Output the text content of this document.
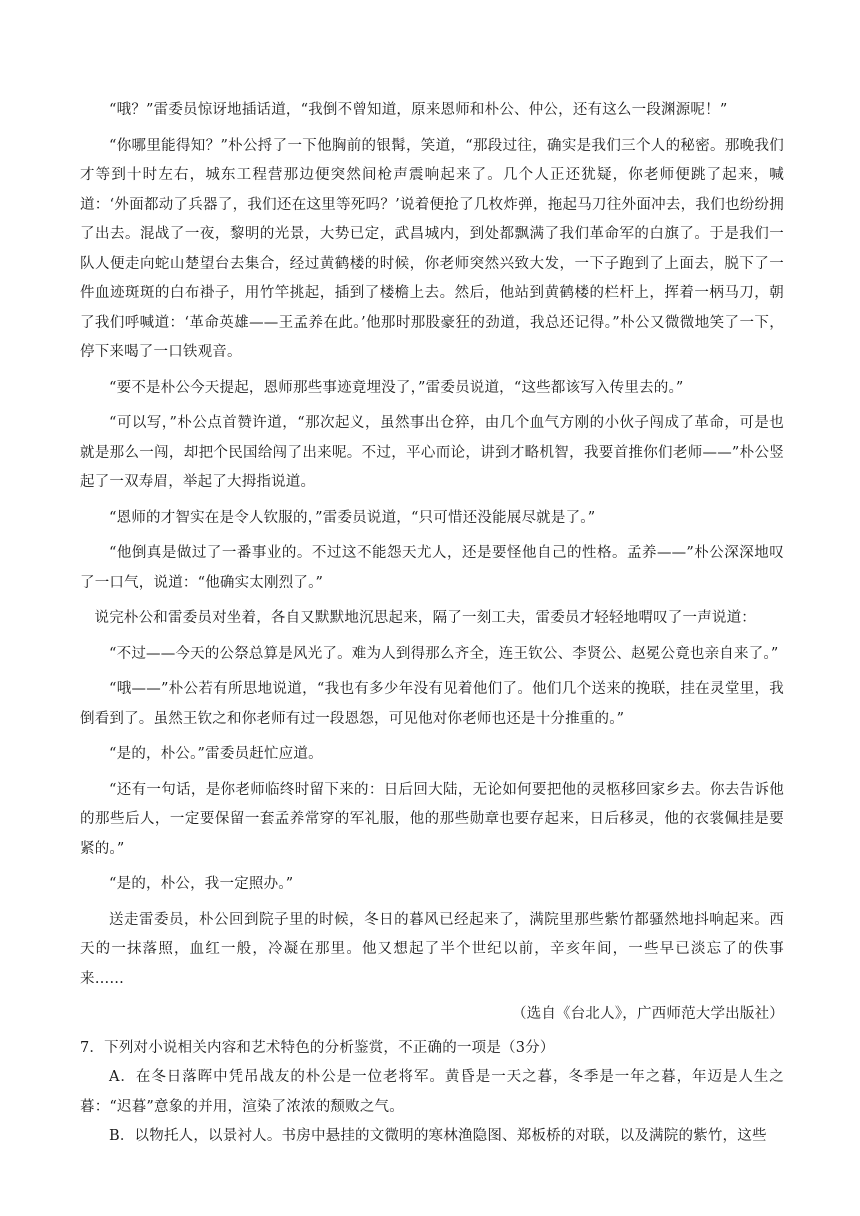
“哦？”雷委员惊讶地插话道，“我倒不曾知道，原来恩师和朴公、仲公，还有这么一段渊源呢！”

“你哪里能得知？”朴公捋了一下他胸前的银髯，笑道，“那段过往，确实是我们三个人的秘密。那晚我们才等到十时左右，城东工程营那边便突然间枪声震响起来了。几个人正还犹疑，你老师便跳了起来，喊道：‘外面都动了兵器了，我们还在这里等死吗？’说着便抢了几枚炸弹，拖起马刀往外面冲去，我们也纷纷拥了出去。混战了一夜，黎明的光景，大势已定，武昌城内，到处都飘满了我们革命军的白旗了。于是我们一队人便走向蛇山楚望台去集合，经过黄鹤楼的时候，你老师突然兴致大发，一下子跑到了上面去，脱下了一件血迹斑斑的白布褂子，用竹竿挑起，插到了楼檐上去。然后，他站到黄鹤楼的栏杆上，挥着一柄马刀，朝了我们呼喊道：‘革命英雄——王孟养在此。’他那时那股豪狂的劲道，我总还记得。”朴公又微微地笑了一下，停下来喝了一口铁观音。

“要不是朴公今天提起，恩师那些事迹竟埋没了，”雷委员说道，“这些都该写入传里去的。”

“可以写，”朴公点首赞许道，“那次起义，虽然事出仓猝，由几个血气方刚的小伙子闯成了革命，可是也就是那么一闯，却把个民国给闯了出来呢。不过，平心而论，讲到才略机智，我要首推你们老师——”朴公竖起了一双寿眉，举起了大拇指说道。

“恩师的才智实在是令人钦服的，”雷委员说道，“只可惜还没能展尽就是了。”

“他倒真是做过了一番事业的。不过这不能怨天尤人，还是要怪他自己的性格。孟养——”朴公深深地叹了一口气，说道：“他确实太刚烈了。”

说完朴公和雷委员对坐着，各自又默默地沉思起来，隔了一刻工夫，雷委员才轻轻地喟叹了一声说道：

“不过——今天的公祭总算是风光了。难为人到得那么齐全，连王钦公、李贤公、赵冕公竟也亲自来了。”

“哦——”朴公若有所思地说道，“我也有多少年没有见着他们了。他们几个送来的挽联，挂在灵堂里，我倒看到了。虽然王钦之和你老师有过一段恩怨，可见他对你老师也还是十分推重的。”

“是的，朴公。”雷委员赶忙应道。

“还有一句话，是你老师临终时留下来的：日后回大陆，无论如何要把他的灵柩移回家乡去。你去告诉他的那些后人，一定要保留一套孟养常穿的军礼服，他的那些勋章也要存起来，日后移灵，他的衣裳佩挂是要紧的。”

“是的，朴公，我一定照办。”

送走雷委员，朴公回到院子里的时候，冬日的暮风已经起来了，满院里那些紫竹都骚然地抖响起来。西天的一抹落照，血红一般，冷凝在那里。他又想起了半个世纪以前，辛亥年间，一些早已淡忘了的佚事来……

（选自《台北人》，广西师范大学出版社）

7．下列对小说相关内容和艺术特色的分析鉴赏，不正确的一项是（3分）

A．在冬日落晖中凭吊战友的朴公是一位老将军。黄昏是一天之暮，冬季是一年之暮，年迈是人生之暮：“迟暮”意象的并用，渲染了浓浓的颓败之气。

B．以物托人，以景衬人。书房中悬挂的文微明的寒林渔隐图、郑板桥的对联，以及满院的紫竹，这些
